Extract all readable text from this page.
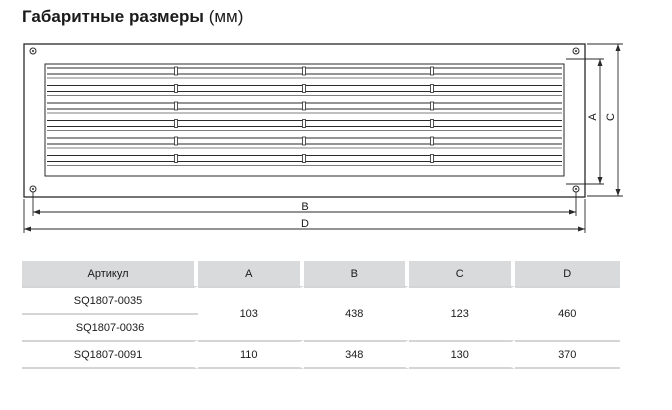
Габаритные размеры (мм)
B
D
A C
Артикул	A	B	C	D
SQ1807-0035	103	438	123	460
SQ1807-0036				
SQ1807-0091	110	348	130	370
